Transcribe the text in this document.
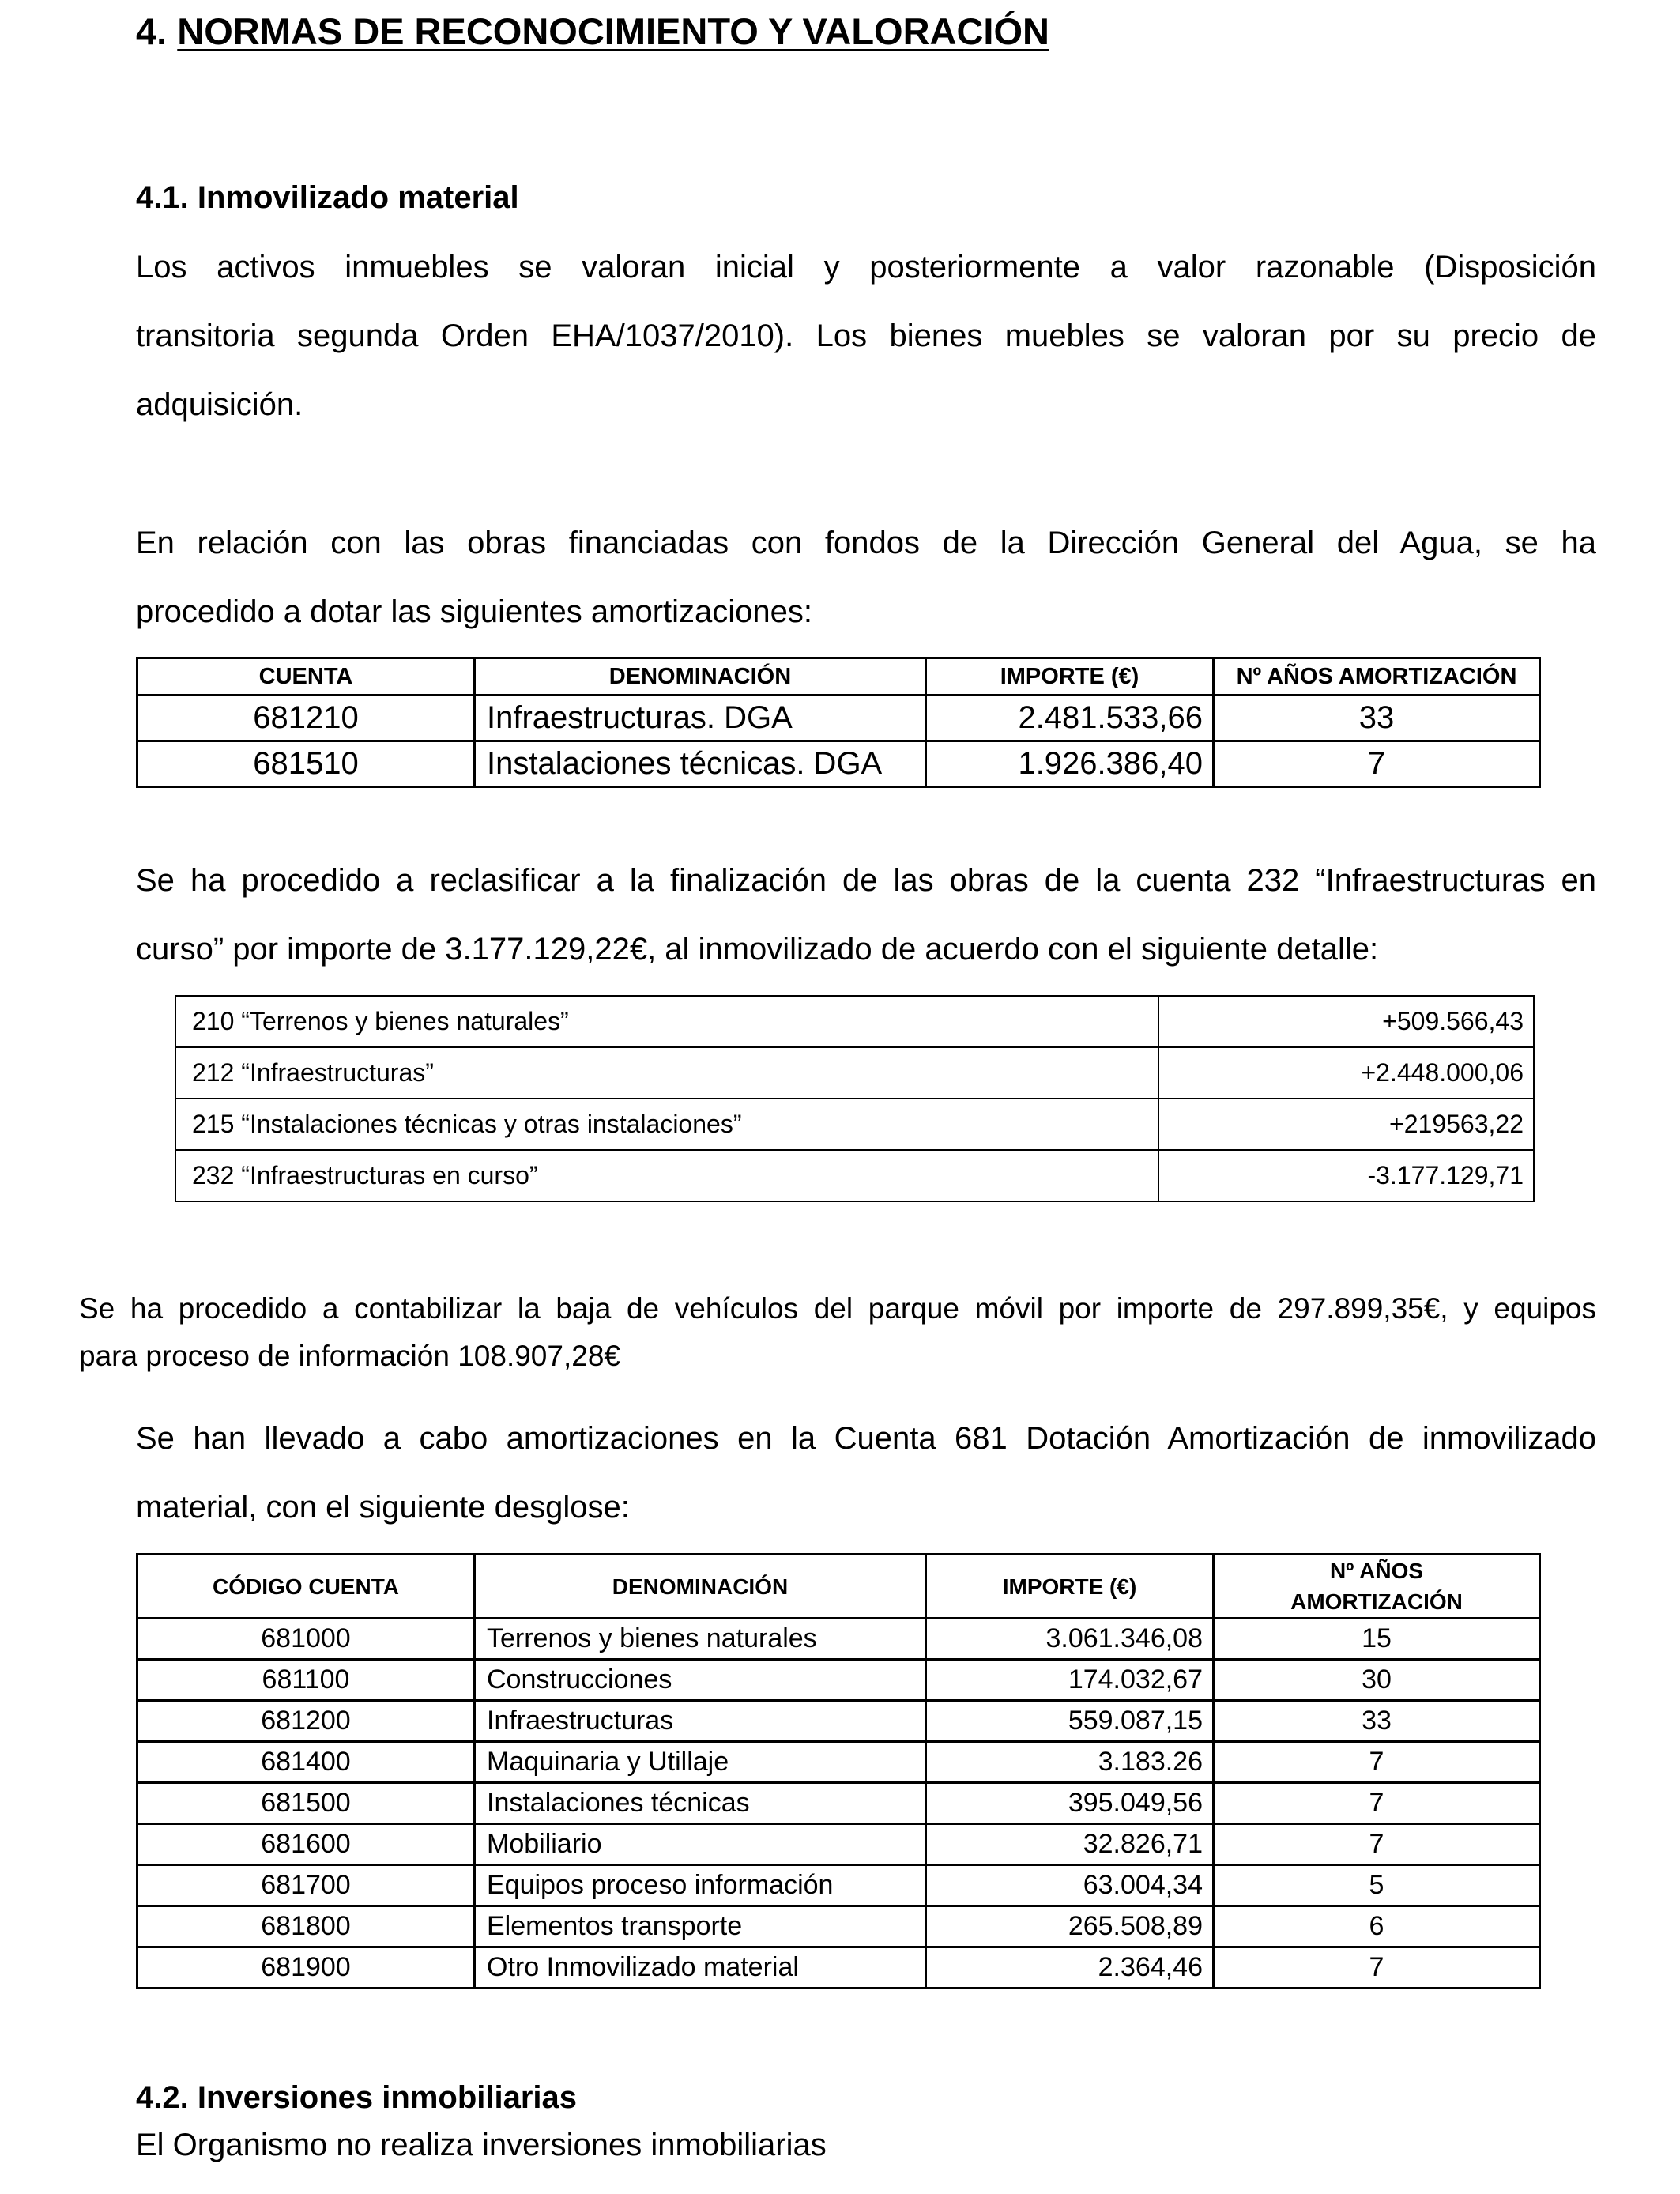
4. NORMAS DE RECONOCIMIENTO Y VALORACIÓN
4.1. Inmovilizado material
Los activos inmuebles se valoran inicial y posteriormente a valor razonable (Disposición
transitoria segunda Orden EHA/1037/2010). Los bienes muebles se valoran por su precio de
adquisición.
En relación con las obras financiadas con fondos de la Dirección General del Agua, se ha
procedido a dotar las siguientes amortizaciones:
CUENTA	DENOMINACIÓN	IMPORTE (€)	Nº AÑOS AMORTIZACIÓN
681210	Infraestructuras. DGA	2.481.533,66	33
681510	Instalaciones técnicas. DGA	1.926.386,40	7
Se ha procedido a reclasificar a la finalización de las obras de la cuenta 232 “Infraestructuras en
curso” por importe de 3.177.129,22€, al inmovilizado de acuerdo con el siguiente detalle:
210 “Terrenos y bienes naturales”	+509.566,43
212 “Infraestructuras”	+2.448.000,06
215 “Instalaciones técnicas y otras instalaciones”	+219563,22
232 “Infraestructuras en curso”	-3.177.129,71
Se ha procedido a contabilizar la baja de vehículos del parque móvil por importe de 297.899,35€, y equipos
para proceso de información 108.907,28€
Se han llevado a cabo amortizaciones en la Cuenta 681 Dotación Amortización de inmovilizado
material, con el siguiente desglose:
CÓDIGO CUENTA	DENOMINACIÓN	IMPORTE (€)	Nº AÑOS
AMORTIZACIÓN

681000	Terrenos y bienes naturales	3.061.346,08	15
681100	Construcciones	174.032,67	30
681200	Infraestructuras	559.087,15	33
681400	Maquinaria y Utillaje	3.183.26	7
681500	Instalaciones técnicas	395.049,56	7
681600	Mobiliario	32.826,71	7
681700	Equipos proceso información	63.004,34	5
681800	Elementos transporte	265.508,89	6
681900	Otro Inmovilizado material	2.364,46	7
4.2. Inversiones inmobiliarias
El Organismo no realiza inversiones inmobiliarias
